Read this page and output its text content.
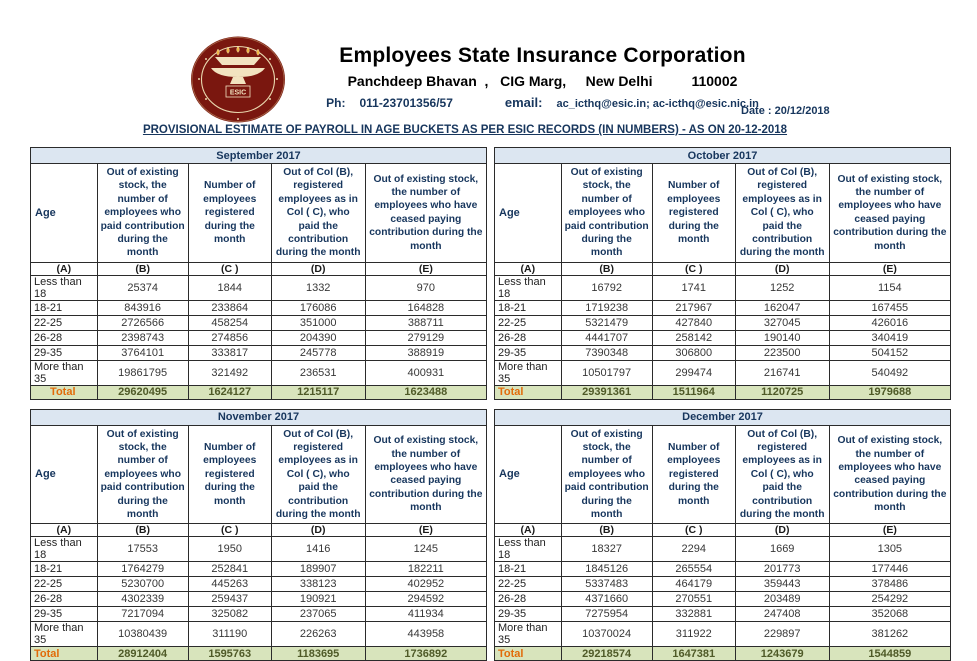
ESIC
Employees State Insurance Corporation
Panchdeep Bhavan  ,   CIG Marg,     New Delhi          110002
Ph: 011-23701356/57	email: ac_icthq@esic.in; ac-icthq@esic.nic.in
Date : 20/12/2018
PROVISIONAL ESTIMATE OF PAYROLL IN AGE BUCKETS AS PER ESIC RECORDS (IN NUMBERS) - AS ON 20-12-2018
September 2017				
Age	Out of existing stock, the number of employees who paid contribution during the month	Number of employees registered during the month	Out of Col (B), registered employees as in Col ( C), who paid the contribution during the month	Out of existing stock, the number of employees who have ceased paying contribution during the month
(A)	(B)	(C )	(D)	(E)
Less than 18	25374	1844	1332	970
18-21	843916	233864	176086	164828
22-25	2726566	458254	351000	388711
26-28	2398743	274856	204390	279129
29-35	3764101	333817	245778	388919
More than 35	19861795	321492	236531	400931
Total	29620495	1624127	1215117	1623488
October 2017				
Age	Out of existing stock, the number of employees who paid contribution during the month	Number of employees registered during the month	Out of Col (B), registered employees as in Col ( C), who paid the contribution during the month	Out of existing stock, the number of employees who have ceased paying contribution during the month
(A)	(B)	(C )	(D)	(E)
Less than 18	16792	1741	1252	1154
18-21	1719238	217967	162047	167455
22-25	5321479	427840	327045	426016
26-28	4441707	258142	190140	340419
29-35	7390348	306800	223500	504152
More than 35	10501797	299474	216741	540492
Total	29391361	1511964	1120725	1979688
November 2017				
Age	Out of existing stock, the number of employees who paid contribution during the month	Number of employees registered during the month	Out of Col (B), registered employees as in Col ( C), who paid the contribution during the month	Out of existing stock, the number of employees who have ceased paying contribution during the month
(A)	(B)	(C )	(D)	(E)
Less than 18	17553	1950	1416	1245
18-21	1764279	252841	189907	182211
22-25	5230700	445263	338123	402952
26-28	4302339	259437	190921	294592
29-35	7217094	325082	237065	411934
More than 35	10380439	311190	226263	443958
Total	28912404	1595763	1183695	1736892
December 2017				
Age	Out of existing stock, the number of employees who paid contribution during the month	Number of employees registered during the month	Out of Col (B), registered employees as in Col ( C), who paid the contribution during the month	Out of existing stock, the number of employees who have ceased paying contribution during the month
(A)	(B)	(C )	(D)	(E)
Less than 18	18327	2294	1669	1305
18-21	1845126	265554	201773	177446
22-25	5337483	464179	359443	378486
26-28	4371660	270551	203489	254292
29-35	7275954	332881	247408	352068
More than 35	10370024	311922	229897	381262
Total	29218574	1647381	1243679	1544859
